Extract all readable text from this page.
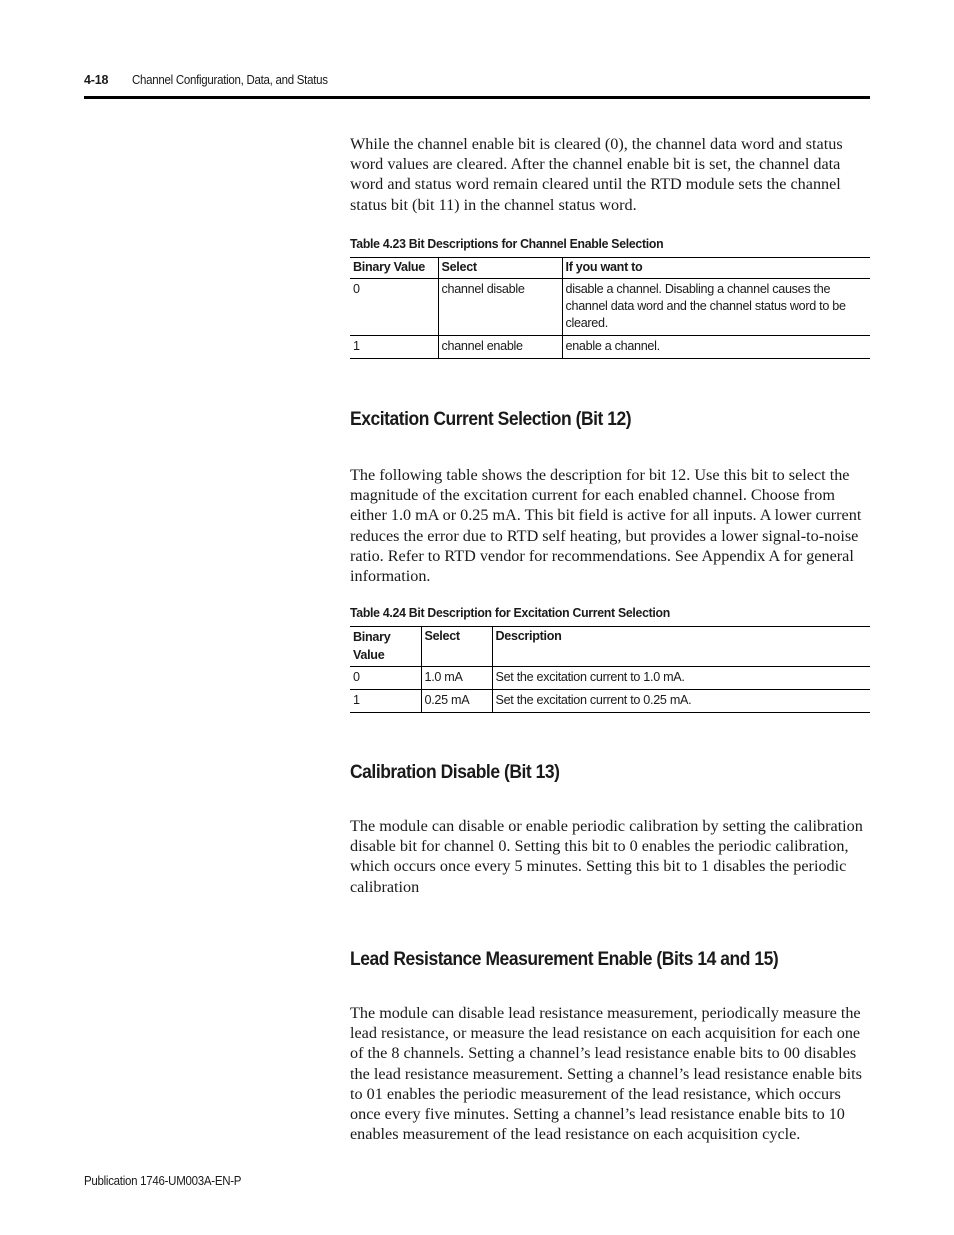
4-18 Channel Configuration, Data, and Status

While the channel enable bit is cleared (0), the channel data word and status word values are cleared. After the channel enable bit is set, the channel data word and status word remain cleared until the RTD module sets the channel status bit (bit 11) in the channel status word.

Table 4.23 Bit Descriptions for Channel Enable Selection
Binary Value	Select	If you want to
0	channel disable	disable a channel. Disabling a channel causes the channel data word and the channel status word to be cleared.
1	channel enable	enable a channel.
Excitation Current Selection (Bit 12)

The following table shows the description for bit 12. Use this bit to select the magnitude of the excitation current for each enabled channel. Choose from either 1.0 mA or 0.25 mA. This bit field is active for all inputs. A lower current reduces the error due to RTD self heating, but provides a lower signal-to-noise ratio. Refer to RTD vendor for recommendations. See Appendix A for general information.

Table 4.24 Bit Description for Excitation Current Selection
Binary Value	Select	Description
0	1.0 mA	Set the excitation current to 1.0 mA.
1	0.25 mA	Set the excitation current to 0.25 mA.
Calibration Disable (Bit 13)

The module can disable or enable periodic calibration by setting the calibration disable bit for channel 0. Setting this bit to 0 enables the periodic calibration, which occurs once every 5 minutes. Setting this bit to 1 disables the periodic calibration

Lead Resistance Measurement Enable (Bits 14 and 15)

The module can disable lead resistance measurement, periodically measure the lead resistance, or measure the lead resistance on each acquisition for each one of the 8 channels. Setting a channel’s lead resistance enable bits to 00 disables the lead resistance measurement. Setting a channel’s lead resistance enable bits to 01 enables the periodic measurement of the lead resistance, which occurs once every five minutes. Setting a channel’s lead resistance enable bits to 10 enables measurement of the lead resistance on each acquisition cycle.

Publication 1746-UM003A-EN-P
